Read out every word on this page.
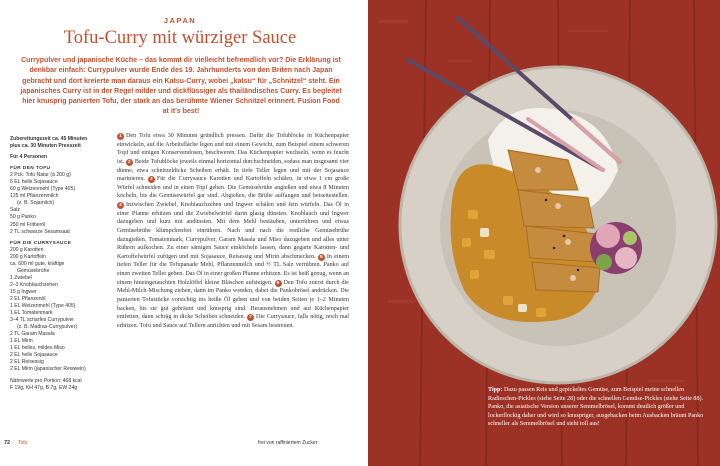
JAPAN
Tofu-Curry mit würziger Sauce
Currypulver und japanische Küche – das kommt dir vielleicht befremdlich vor? Die Erklärung ist denkbar einfach: Currypulver wurde Ende des 19. Jahrhunderts von den Briten nach Japan gebracht und dort kreierte man daraus ein Katsu-Curry, wobei „katsu“ für „Schnitzel“ steht. Ein japanisches Curry ist in der Regel milder und dickflüssiger als thailändisches Curry. Es begleitet hier knusprig panierten Tofu, der stark an das berühmte Wiener Schnitzel erinnert. Fusion Food at it's best!
Zubereitungszeit ca. 45 Minuten
plus ca. 30 Minuten Presszeit
Für 4 Personen
FÜR DEN TOFU
2 Pck. Tofu Natur (à 200 g)
6 EL helle Sojasauce
60 g Weizenmehl (Type 405)
125 ml Pflanzenmilch
(z. B. Sojamilch)
Salz
50 g Panko
250 ml Frittieröl
2 TL schwarze Sesamsaat
FÜR DIE CURRYSAUCE
200 g Karotten
200 g Kartoffeln
ca. 600 ml gute, kräftige
Gemüsebrühe
1 Zwiebel
2–3 Knoblauchzehen
15 g Ingwer
2 EL Pflanzenöl
1 EL Weizenmehl (Type 405)
1 EL Tomatenmark
3–4 TL scharfes Currypulver
(z. B. Madras-Currypulver)
2 TL Garam Masala
1 EL Mirin
1 EL helles, mildes Miso
2 EL helle Sojasauce
2 EL Reisessig
2 EL Mirin (japanischer Reiswein)
Nährwerte pro Portion: 468 kcal
F 19g, KH 47g, B 7g, EW 24g
1 Den Tofu etwa 30 Minuten gründlich pressen. Dafür die Tofublöcke in Küchenpapier einwickeln, auf die Arbeitsfläche legen und mit einem Gewicht, zum Beispiel einem schweren Topf und einigen Konservendosen, beschweren. Das Küchenpapier wechseln, wenn es feucht ist. 2 Beide Tofublöcke jeweils einmal horizontal durchschneiden, sodass man insgesamt vier dünne, etwa schnitzeldicke Scheiben erhält. In tiefe Teller legen und mit der Sojasauce marinieren. 3 Für die Currysauce Karotten und Kartoffeln schälen, in etwa 1 cm große Würfel schneiden und in einen Topf geben. Die Gemüsebrühe angießen und etwa 8 Minuten köcheln, bis die Gemüsewürfel gar sind. Abgießen, die Brühe auffangen und beiseitestellen. 4 Inzwischen Zwiebel, Knoblauchzehen und Ingwer schälen und fein würfeln. Das Öl in einer Pfanne erhitzen und die Zwiebelwürfel darin glasig dünsten. Knoblauch und Ingwer dazugeben und kurz mit andünsten. Mit dem Mehl bestäuben, unterrühren und etwas Gemüsebrühe klümpchenfrei einrühren. Nach und nach die restliche Gemüsebrühe dazugießen. Tomatenmark, Currypulver, Garam Masala und Miso dazugeben und alles unter Rühren aufkochen. Zu einer sämigen Sauce einköcheln lassen, dann gegarte Karotten- und Kartoffelwürfel zufügen und mit Sojasauce, Reisessig und Mirin abschmecken. 5 In einem tiefen Teller für die Tofupanade Mehl, Pflanzenmilch und ½ TL Salz verrühren. Panko auf einen zweiten Teller geben. Das Öl in einer großen Pfanne erhitzen. Es ist heiß genug, wenn an einem hineingetauchten Holzlöffel kleine Bläschen aufsteigen. 6 Den Tofu zuerst durch die Mehl-Milch-Mischung ziehen, dann im Panko wenden, dabei die Pankobrösel andrücken. Die panierten Tofustücke vorsichtig ins heiße Öl geben und von beiden Seiten je 1–2 Minuten backen, bis sie gut gebräunt und knusprig sind. Herausnehmen und auf Küchenpapier entfetten, dann schräg in dicke Scheiben schneiden. 7 Die Currysauce, falls nötig, noch mal erhitzen. Tofu und Sauce auf Tellern anrichten und mit Sesam bestreuen.
72 Tofu	frei von raffiniertem Zucker
Tipp: Dazu passen Reis und gepickeltes Gemüse, zum Beispiel meine schnellen Radieschen-Pickles (siehe Seite 28) oder die schnellen Gemüse-Pickles (siehe Seite 88). Panko, die asiatische Version unserer Semmelbrösel, kommt deutlich größer und lockerflockig daher und wird so knuspriger, ausgebacken beim Ausbacken bräunt Panko schneller als Semmelbrösel und sieht toll aus!
